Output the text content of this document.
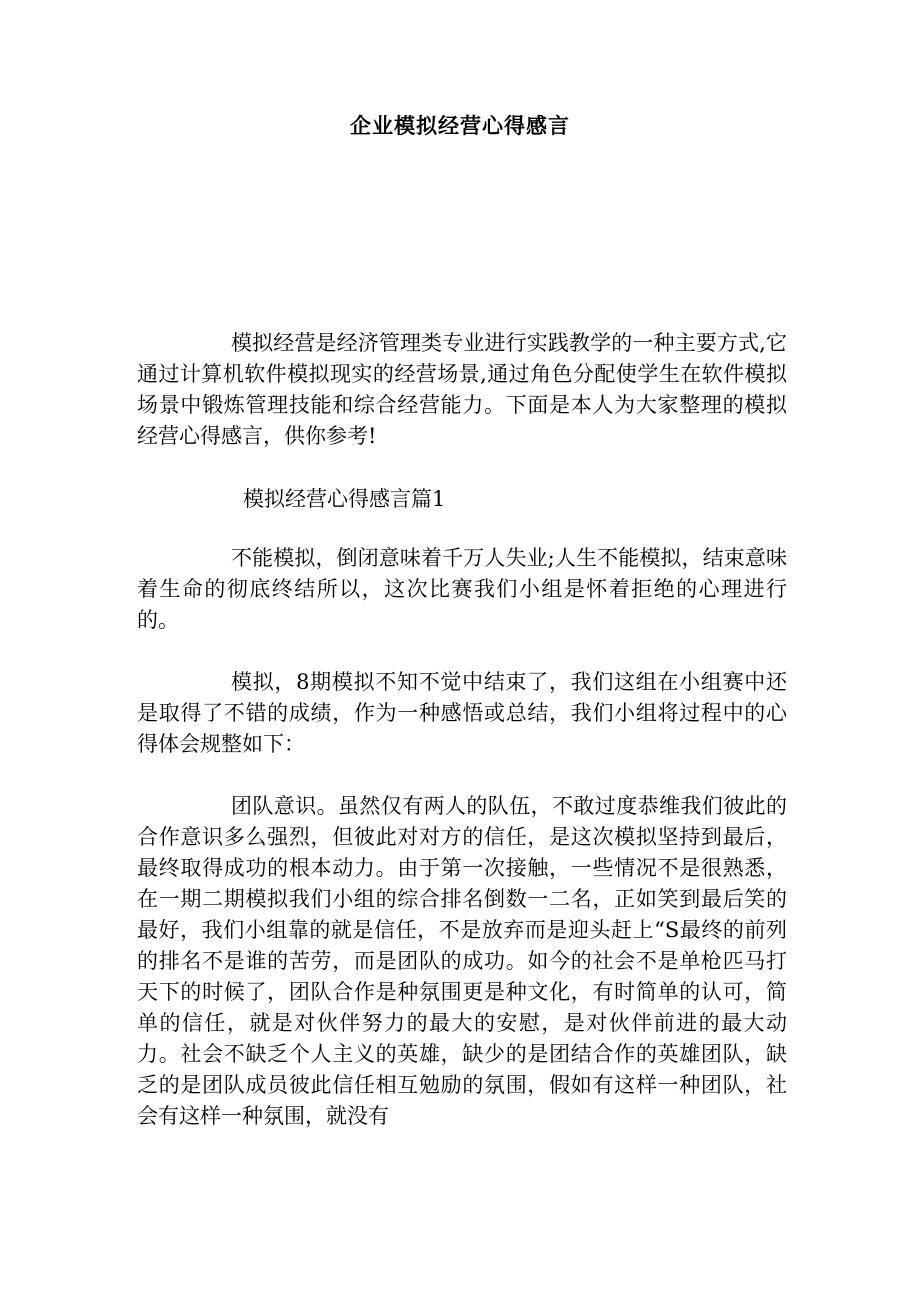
企业模拟经营心得感言

模拟经营是经济管理类专业进行实践教学的一种主要方式,它通过计算机软件模拟现实的经营场景,通过角色分配使学生在软件模拟场景中锻炼管理技能和综合经营能力。下面是本人为大家整理的模拟经营心得感言，供你参考!

模拟经营心得感言篇1

不能模拟，倒闭意味着千万人失业;人生不能模拟，结束意味着生命的彻底终结所以，这次比赛我们小组是怀着拒绝的心理进行的。

模拟，8期模拟不知不觉中结束了，我们这组在小组赛中还是取得了不错的成绩，作为一种感悟或总结，我们小组将过程中的心得体会规整如下：

团队意识。虽然仅有两人的队伍，不敢过度恭维我们彼此的合作意识多么强烈，但彼此对对方的信任，是这次模拟坚持到最后，最终取得成功的根本动力。由于第一次接触，一些情况不是很熟悉，在一期二期模拟我们小组的综合排名倒数一二名，正如笑到最后笑的最好，我们小组靠的就是信任，不是放弃而是迎头赶上“S最终的前列的排名不是谁的苦劳，而是团队的成功。如今的社会不是单枪匹马打天下的时候了，团队合作是种氛围更是种文化，有时简单的认可，简单的信任，就是对伙伴努力的最大的安慰，是对伙伴前进的最大动力。社会不缺乏个人主义的英雄，缺少的是团结合作的英雄团队，缺乏的是团队成员彼此信任相互勉励的氛围，假如有这样一种团队，社会有这样一种氛围，就没有
